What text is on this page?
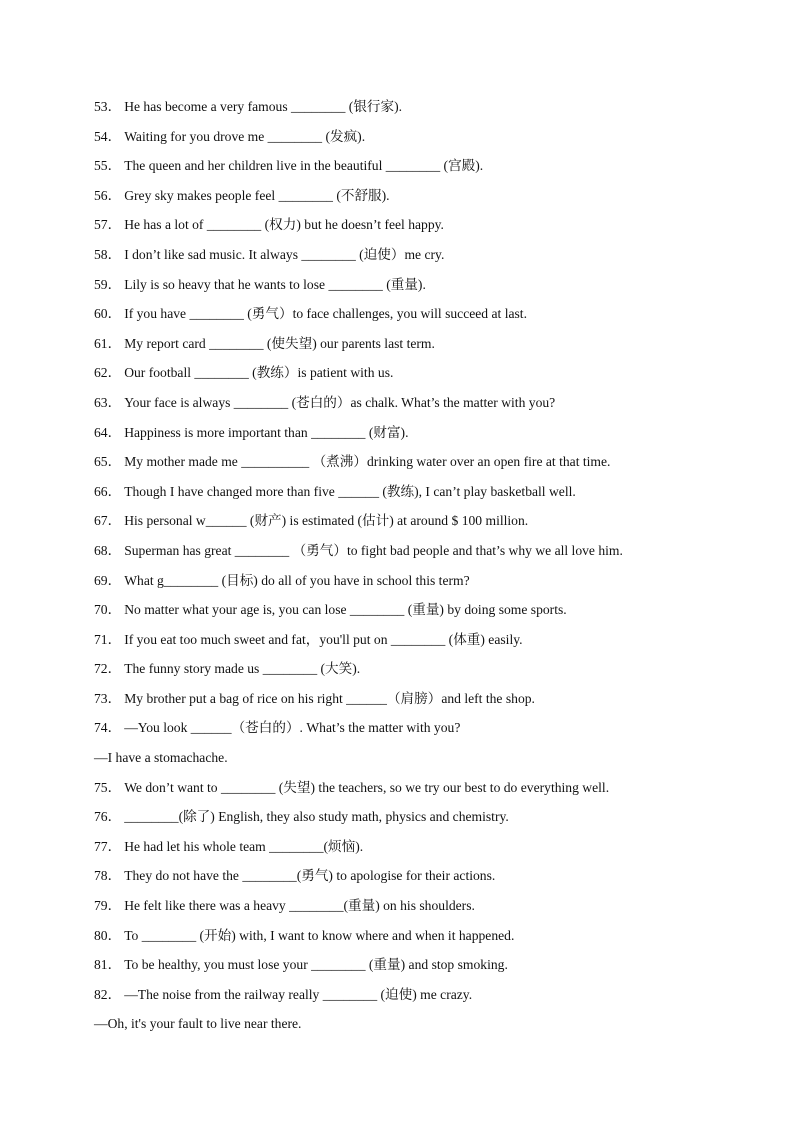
53． He has become a very famous ________ (银行家).
54． Waiting for you drove me ________ (发疯).
55． The queen and her children live in the beautiful ________ (宫殿).
56． Grey sky makes people feel ________ (不舒服).
57． He has a lot of ________ (权力) but he doesn’t feel happy.
58． I don’t like sad music. It always ________ (迫使）me cry.
59． Lily is so heavy that he wants to lose ________ (重量).
60． If you have ________ (勇气）to face challenges, you will succeed at last.
61． My report card ________ (使失望) our parents last term.
62． Our football ________ (教练）is patient with us.
63． Your face is always ________ (苍白的）as chalk. What’s the matter with you?
64． Happiness is more important than ________ (财富).
65． My mother made me __________ （煮沸）drinking water over an open fire at that time.
66． Though I have changed more than five ______ (教练), I can’t play basketball well.
67． His personal w______ (财产) is estimated (估计) at around $ 100 million.
68． Superman has great ________ （勇气）to fight bad people and that’s why we all love him.
69． What g________ (目标) do all of you have in school this term?
70． No matter what your age is, you can lose ________ (重量) by doing some sports.
71． If you eat too much sweet and fat，you'll put on ________ (体重) easily.
72． The funny story made us ________ (大笑).
73． My brother put a bag of rice on his right ______（肩膀）and left the shop.
74． —You look ______（苍白的）. What’s the matter with you?
—I have a stomachache.
75． We don’t want to ________ (失望) the teachers, so we try our best to do everything well.
76． ________(除了) English, they also study math, physics and chemistry.
77． He had let his whole team ________(烦恼).
78． They do not have the ________(勇气) to apologise for their actions.
79． He felt like there was a heavy ________(重量) on his shoulders.
80． To ________ (开始) with, I want to know where and when it happened.
81． To be healthy, you must lose your ________ (重量) and stop smoking.
82． —The noise from the railway really ________ (迫使) me crazy.
—Oh, it's your fault to live near there.
